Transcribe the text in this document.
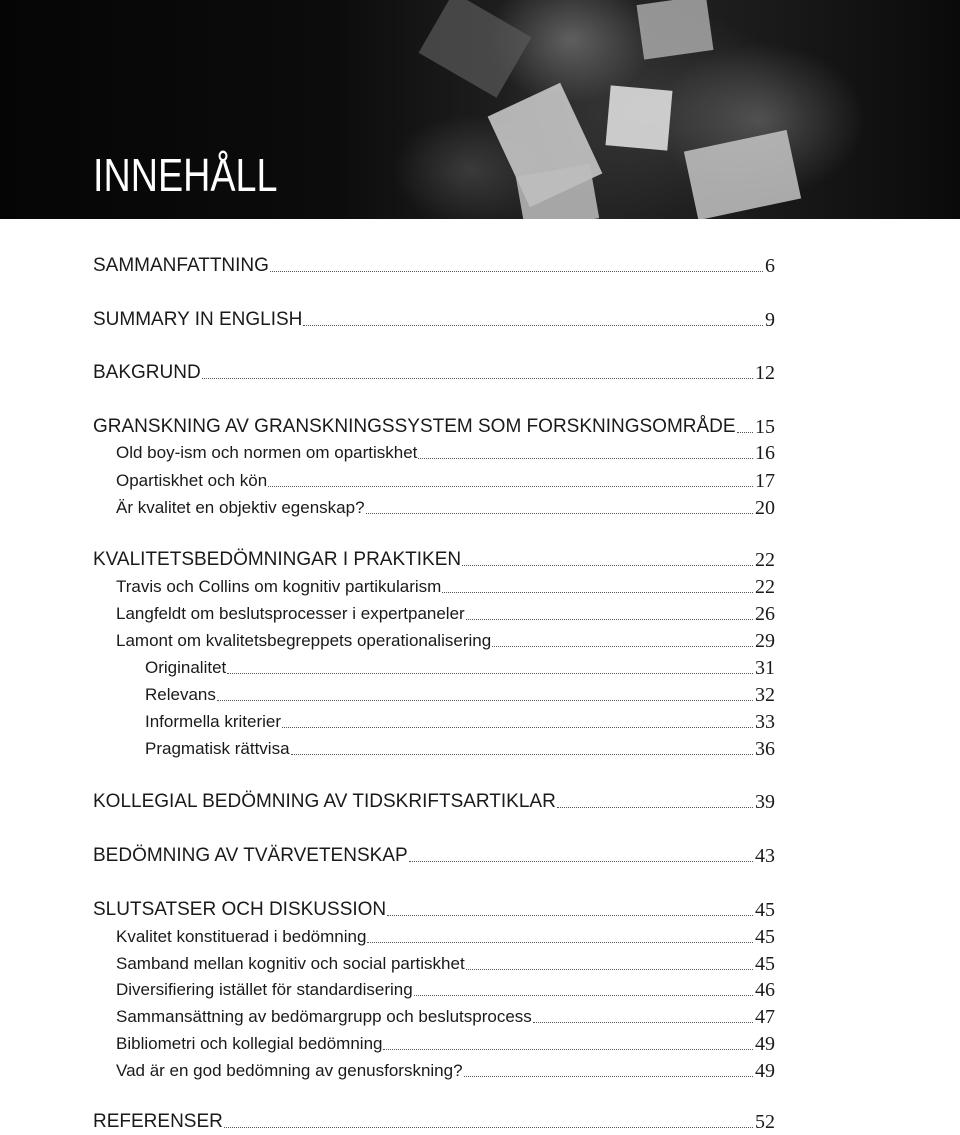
INNEHÅLL
SAMMANFATTNING	6
SUMMARY IN ENGLISH	9
BAKGRUND	12
GRANSKNING AV GRANSKNINGSSYSTEM SOM FORSKNINGSOMRÅDE 15
Old boy-ism och normen om opartiskhet	16
Opartiskhet och kön	17
Är kvalitet en objektiv egenskap?	20
KVALITETSBEDÖMNINGAR I PRAKTIKEN	22
Travis och Collins om kognitiv partikularism	22
Langfeldt om beslutsprocesser i expertpaneler	26
Lamont om kvalitetsbegreppets operationalisering	29
Originalitet	31
Relevans	32
Informella kriterier	33
Pragmatisk rättvisa	36
KOLLEGIAL BEDÖMNING AV TIDSKRIFTSARTIKLAR	39
BEDÖMNING AV TVÄRVETENSKAP	43
SLUTSATSER OCH DISKUSSION	45
Kvalitet konstituerad i bedömning	45
Samband mellan kognitiv och social partiskhet	45
Diversifiering istället för standardisering	46
Sammansättning av bedömargrupp och beslutsprocess	47
Bibliometri och kollegial bedömning	49
Vad är en god bedömning av genusforskning?	49
REFERENSER	52
